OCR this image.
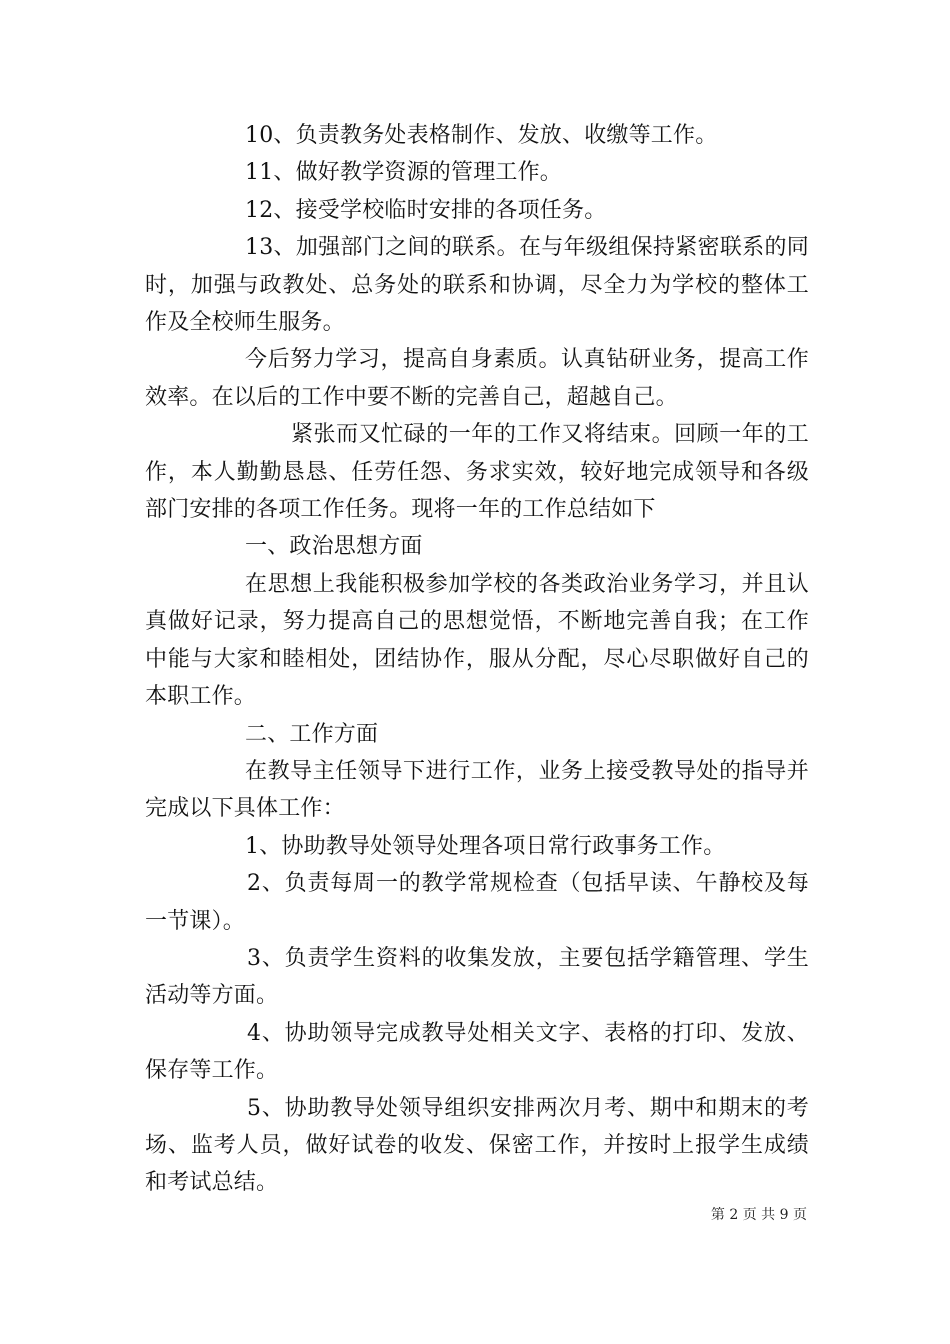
10、负责教务处表格制作、发放、收缴等工作。

11、做好教学资源的管理工作。

12、接受学校临时安排的各项任务。

13、加强部门之间的联系。在与年级组保持紧密联系的同时，加强与政教处、总务处的联系和协调，尽全力为学校的整体工作及全校师生服务。

今后努力学习，提高自身素质。认真钻研业务，提高工作效率。在以后的工作中要不断的完善自己，超越自己。

紧张而又忙碌的一年的工作又将结束。回顾一年的工作，本人勤勤恳恳、任劳任怨、务求实效，较好地完成领导和各级部门安排的各项工作任务。现将一年的工作总结如下

一、政治思想方面

在思想上我能积极参加学校的各类政治业务学习，并且认真做好记录，努力提高自己的思想觉悟，不断地完善自我；在工作中能与大家和睦相处，团结协作，服从分配，尽心尽职做好自己的本职工作。

二、工作方面

在教导主任领导下进行工作，业务上接受教导处的指导并完成以下具体工作：

1、协助教导处领导处理各项日常行政事务工作。

2、负责每周一的教学常规检查（包括早读、午静校及每一节课）。

3、负责学生资料的收集发放，主要包括学籍管理、学生活动等方面。

4、协助领导完成教导处相关文字、表格的打印、发放、保存等工作。

5、协助教导处领导组织安排两次月考、期中和期末的考场、监考人员，做好试卷的收发、保密工作，并按时上报学生成绩和考试总结。

第 2 页 共 9 页
